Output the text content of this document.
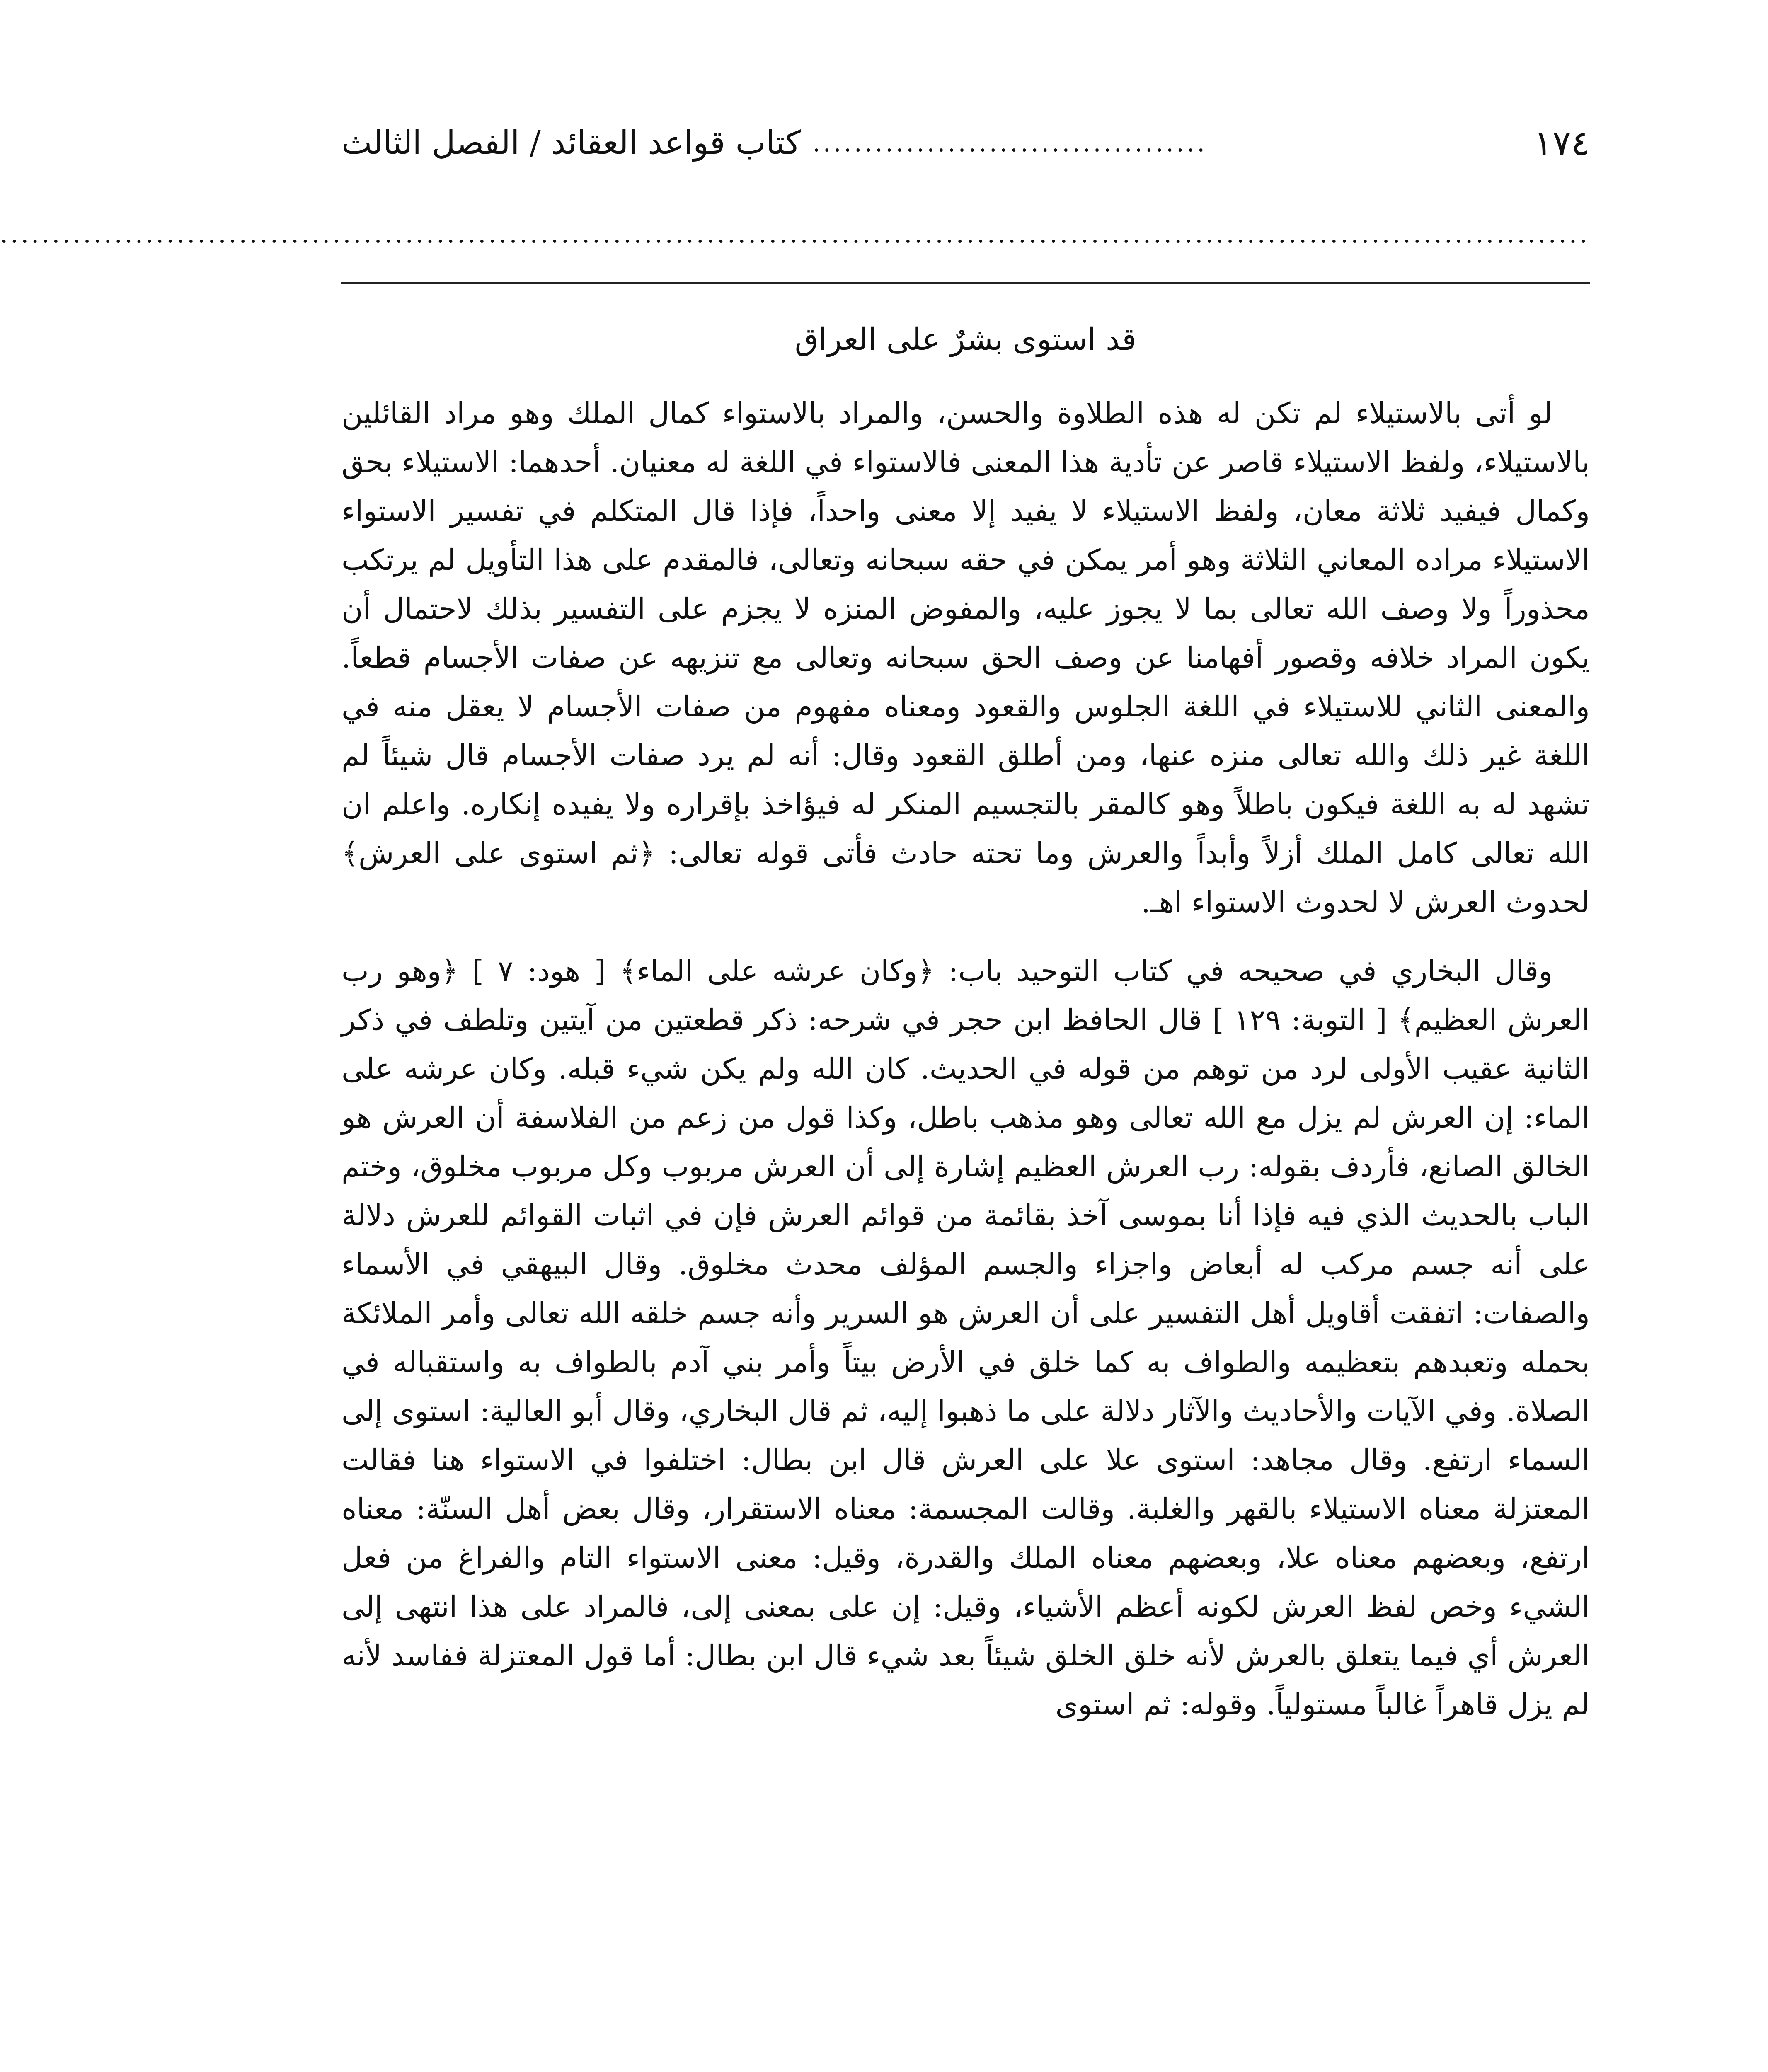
١٧٤
......................................
كتاب قواعد العقائد / الفصل الثالث
.........................................................................................................................................................

قد استوى بشرٌ على العراق

لو أتى بالاستيلاء لم تكن له هذه الطلاوة والحسن، والمراد بالاستواء كمال الملك وهو مراد القائلين بالاستيلاء، ولفظ الاستيلاء قاصر عن تأدية هذا المعنى فالاستواء في اللغة له معنيان. أحدهما: الاستيلاء بحق وكمال فيفيد ثلاثة معان، ولفظ الاستيلاء لا يفيد إلا معنى واحداً، فإذا قال المتكلم في تفسير الاستواء الاستيلاء مراده المعاني الثلاثة وهو أمر يمكن في حقه سبحانه وتعالى، فالمقدم على هذا التأويل لم يرتكب محذوراً ولا وصف الله تعالى بما لا يجوز عليه، والمفوض المنزه لا يجزم على التفسير بذلك لاحتمال أن يكون المراد خلافه وقصور أفهامنا عن وصف الحق سبحانه وتعالى مع تنزيهه عن صفات الأجسام قطعاً. والمعنى الثاني للاستيلاء في اللغة الجلوس والقعود ومعناه مفهوم من صفات الأجسام لا يعقل منه في اللغة غير ذلك والله تعالى منزه عنها، ومن أطلق القعود وقال: أنه لم يرد صفات الأجسام قال شيئاً لم تشهد له به اللغة فيكون باطلاً وهو كالمقر بالتجسيم المنكر له فيؤاخذ بإقراره ولا يفيده إنكاره. واعلم ان الله تعالى كامل الملك أزلاً وأبداً والعرش وما تحته حادث فأتى قوله تعالى: ﴿ثم استوى على العرش﴾ لحدوث العرش لا لحدوث الاستواء اهـ.

وقال البخاري في صحيحه في كتاب التوحيد باب: ﴿وكان عرشه على الماء﴾ [ هود: ٧ ] ﴿وهو رب العرش العظيم﴾ [ التوبة: ١٢٩ ] قال الحافظ ابن حجر في شرحه: ذكر قطعتين من آيتين وتلطف في ذكر الثانية عقيب الأولى لرد من توهم من قوله في الحديث. كان الله ولم يكن شيء قبله. وكان عرشه على الماء: إن العرش لم يزل مع الله تعالى وهو مذهب باطل، وكذا قول من زعم من الفلاسفة أن العرش هو الخالق الصانع، فأردف بقوله: رب العرش العظيم إشارة إلى أن العرش مربوب وكل مربوب مخلوق، وختم الباب بالحديث الذي فيه فإذا أنا بموسى آخذ بقائمة من قوائم العرش فإن في اثبات القوائم للعرش دلالة على أنه جسم مركب له أبعاض واجزاء والجسم المؤلف محدث مخلوق. وقال البيهقي في الأسماء والصفات: اتفقت أقاويل أهل التفسير على أن العرش هو السرير وأنه جسم خلقه الله تعالى وأمر الملائكة بحمله وتعبدهم بتعظيمه والطواف به كما خلق في الأرض بيتاً وأمر بني آدم بالطواف به واستقباله في الصلاة. وفي الآيات والأحاديث والآثار دلالة على ما ذهبوا إليه، ثم قال البخاري، وقال أبو العالية: استوى إلى السماء ارتفع. وقال مجاهد: استوى علا على العرش قال ابن بطال: اختلفوا في الاستواء هنا فقالت المعتزلة معناه الاستيلاء بالقهر والغلبة. وقالت المجسمة: معناه الاستقرار، وقال بعض أهل السنّة: معناه ارتفع، وبعضهم معناه علا، وبعضهم معناه الملك والقدرة، وقيل: معنى الاستواء التام والفراغ من فعل الشيء وخص لفظ العرش لكونه أعظم الأشياء، وقيل: إن على بمعنى إلى، فالمراد على هذا انتهى إلى العرش أي فيما يتعلق بالعرش لأنه خلق الخلق شيئاً بعد شيء قال ابن بطال: أما قول المعتزلة ففاسد لأنه لم يزل قاهراً غالباً مستولياً. وقوله: ثم استوى
